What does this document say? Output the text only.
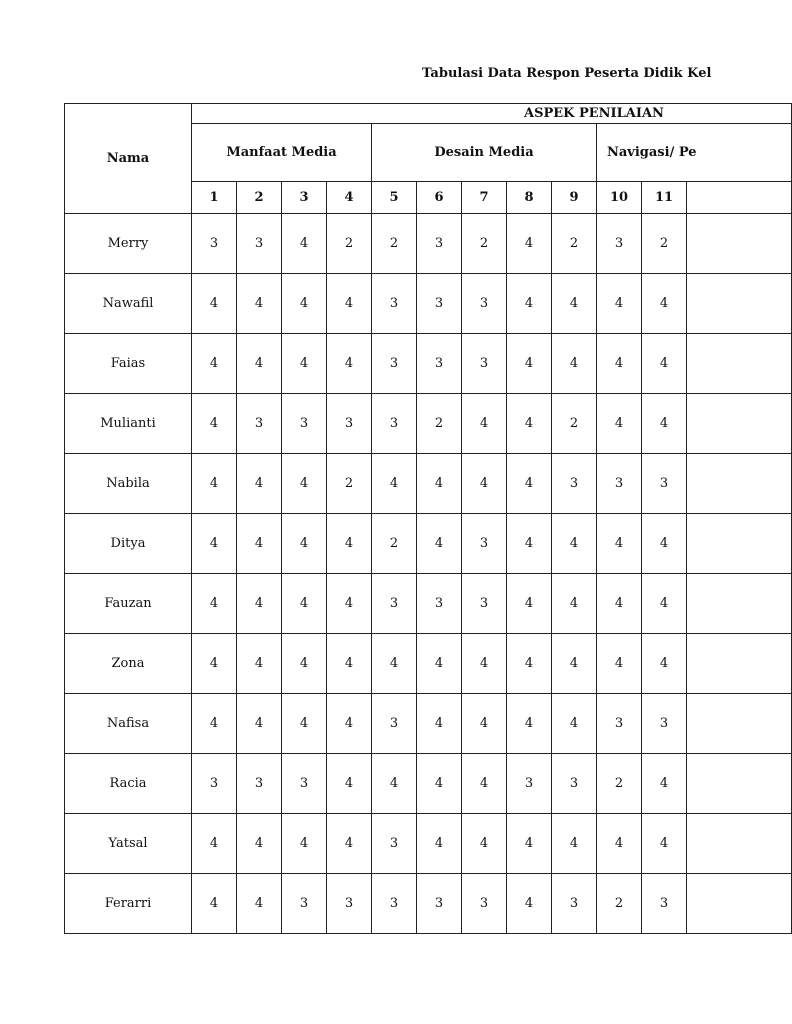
Tabulasi Data Respon Peserta Didik Kel
Nama	ASPEK PENILAIAN											
	Manfaat Media				Desain Media					Navigasi/ Pe		
	1	2	3	4	5	6	7	8	9	10	11	
Merry	3	3	4	2	2	3	2	4	2	3	2	
Nawafil	4	4	4	4	3	3	3	4	4	4	4	
Faias	4	4	4	4	3	3	3	4	4	4	4	
Mulianti	4	3	3	3	3	2	4	4	2	4	4	
Nabila	4	4	4	2	4	4	4	4	3	3	3	
Ditya	4	4	4	4	2	4	3	4	4	4	4	
Fauzan	4	4	4	4	3	3	3	4	4	4	4	
Zona	4	4	4	4	4	4	4	4	4	4	4	
Nafisa	4	4	4	4	3	4	4	4	4	3	3	
Racia	3	3	3	4	4	4	4	3	3	2	4	
Yatsal	4	4	4	4	3	4	4	4	4	4	4	
Ferarri	4	4	3	3	3	3	3	4	3	2	3	
